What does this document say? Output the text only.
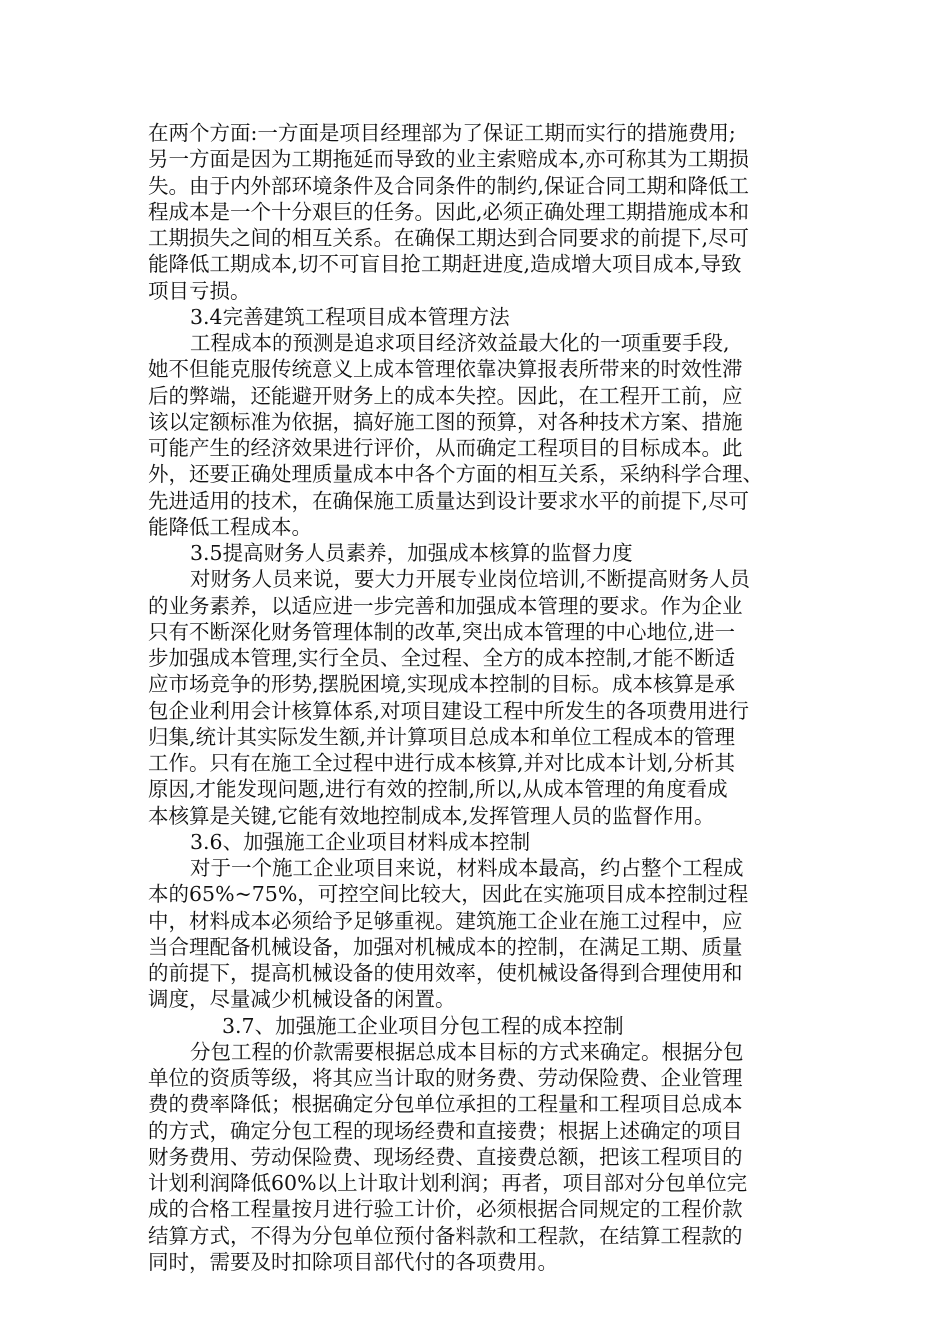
在两个方面:一方面是项目经理部为了保证工期而实行的措施费用;
另一方面是因为工期拖延而导致的业主索赔成本,亦可称其为工期损
失。由于内外部环境条件及合同条件的制约,保证合同工期和降低工
程成本是一个十分艰巨的任务。因此,必须正确处理工期措施成本和
工期损失之间的相互关系。在确保工期达到合同要求的前提下,尽可
能降低工期成本,切不可盲目抢工期赶进度,造成增大项目成本,导致
项目亏损。
3.4完善建筑工程项目成本管理方法
工程成本的预测是追求项目经济效益最大化的一项重要手段,
她不但能克服传统意义上成本管理依靠决算报表所带来的时效性滞
后的弊端，还能避开财务上的成本失控。因此，在工程开工前，应
该以定额标准为依据，搞好施工图的预算，对各种技术方案、措施
可能产生的经济效果进行评价，从而确定工程项目的目标成本。此
外，还要正确处理质量成本中各个方面的相互关系，采纳科学合理、
先进适用的技术，在确保施工质量达到设计要求水平的前提下,尽可
能降低工程成本。
3.5提高财务人员素养，加强成本核算的监督力度
对财务人员来说，要大力开展专业岗位培训,不断提高财务人员
的业务素养，以适应进一步完善和加强成本管理的要求。作为企业
只有不断深化财务管理体制的改革,突出成本管理的中心地位,进一
步加强成本管理,实行全员、全过程、全方的成本控制,才能不断适
应市场竞争的形势,摆脱困境,实现成本控制的目标。成本核算是承
包企业利用会计核算体系,对项目建设工程中所发生的各项费用进行
归集,统计其实际发生额,并计算项目总成本和单位工程成本的管理
工作。只有在施工全过程中进行成本核算,并对比成本计划,分析其
原因,才能发现问题,进行有效的控制,所以,从成本管理的角度看成
本核算是关键,它能有效地控制成本,发挥管理人员的监督作用。
3.6、加强施工企业项目材料成本控制
对于一个施工企业项目来说，材料成本最高，约占整个工程成
本的65%~75%，可控空间比较大，因此在实施项目成本控制过程
中，材料成本必须给予足够重视。建筑施工企业在施工过程中，应
当合理配备机械设备，加强对机械成本的控制，在满足工期、质量
的前提下，提高机械设备的使用效率，使机械设备得到合理使用和
调度，尽量减少机械设备的闲置。
3.7、加强施工企业项目分包工程的成本控制
分包工程的价款需要根据总成本目标的方式来确定。根据分包
单位的资质等级，将其应当计取的财务费、劳动保险费、企业管理
费的费率降低；根据确定分包单位承担的工程量和工程项目总成本
的方式，确定分包工程的现场经费和直接费；根据上述确定的项目
财务费用、劳动保险费、现场经费、直接费总额，把该工程项目的
计划利润降低60%以上计取计划利润；再者，项目部对分包单位完
成的合格工程量按月进行验工计价，必须根据合同规定的工程价款
结算方式，不得为分包单位预付备料款和工程款，在结算工程款的
同时，需要及时扣除项目部代付的各项费用。
